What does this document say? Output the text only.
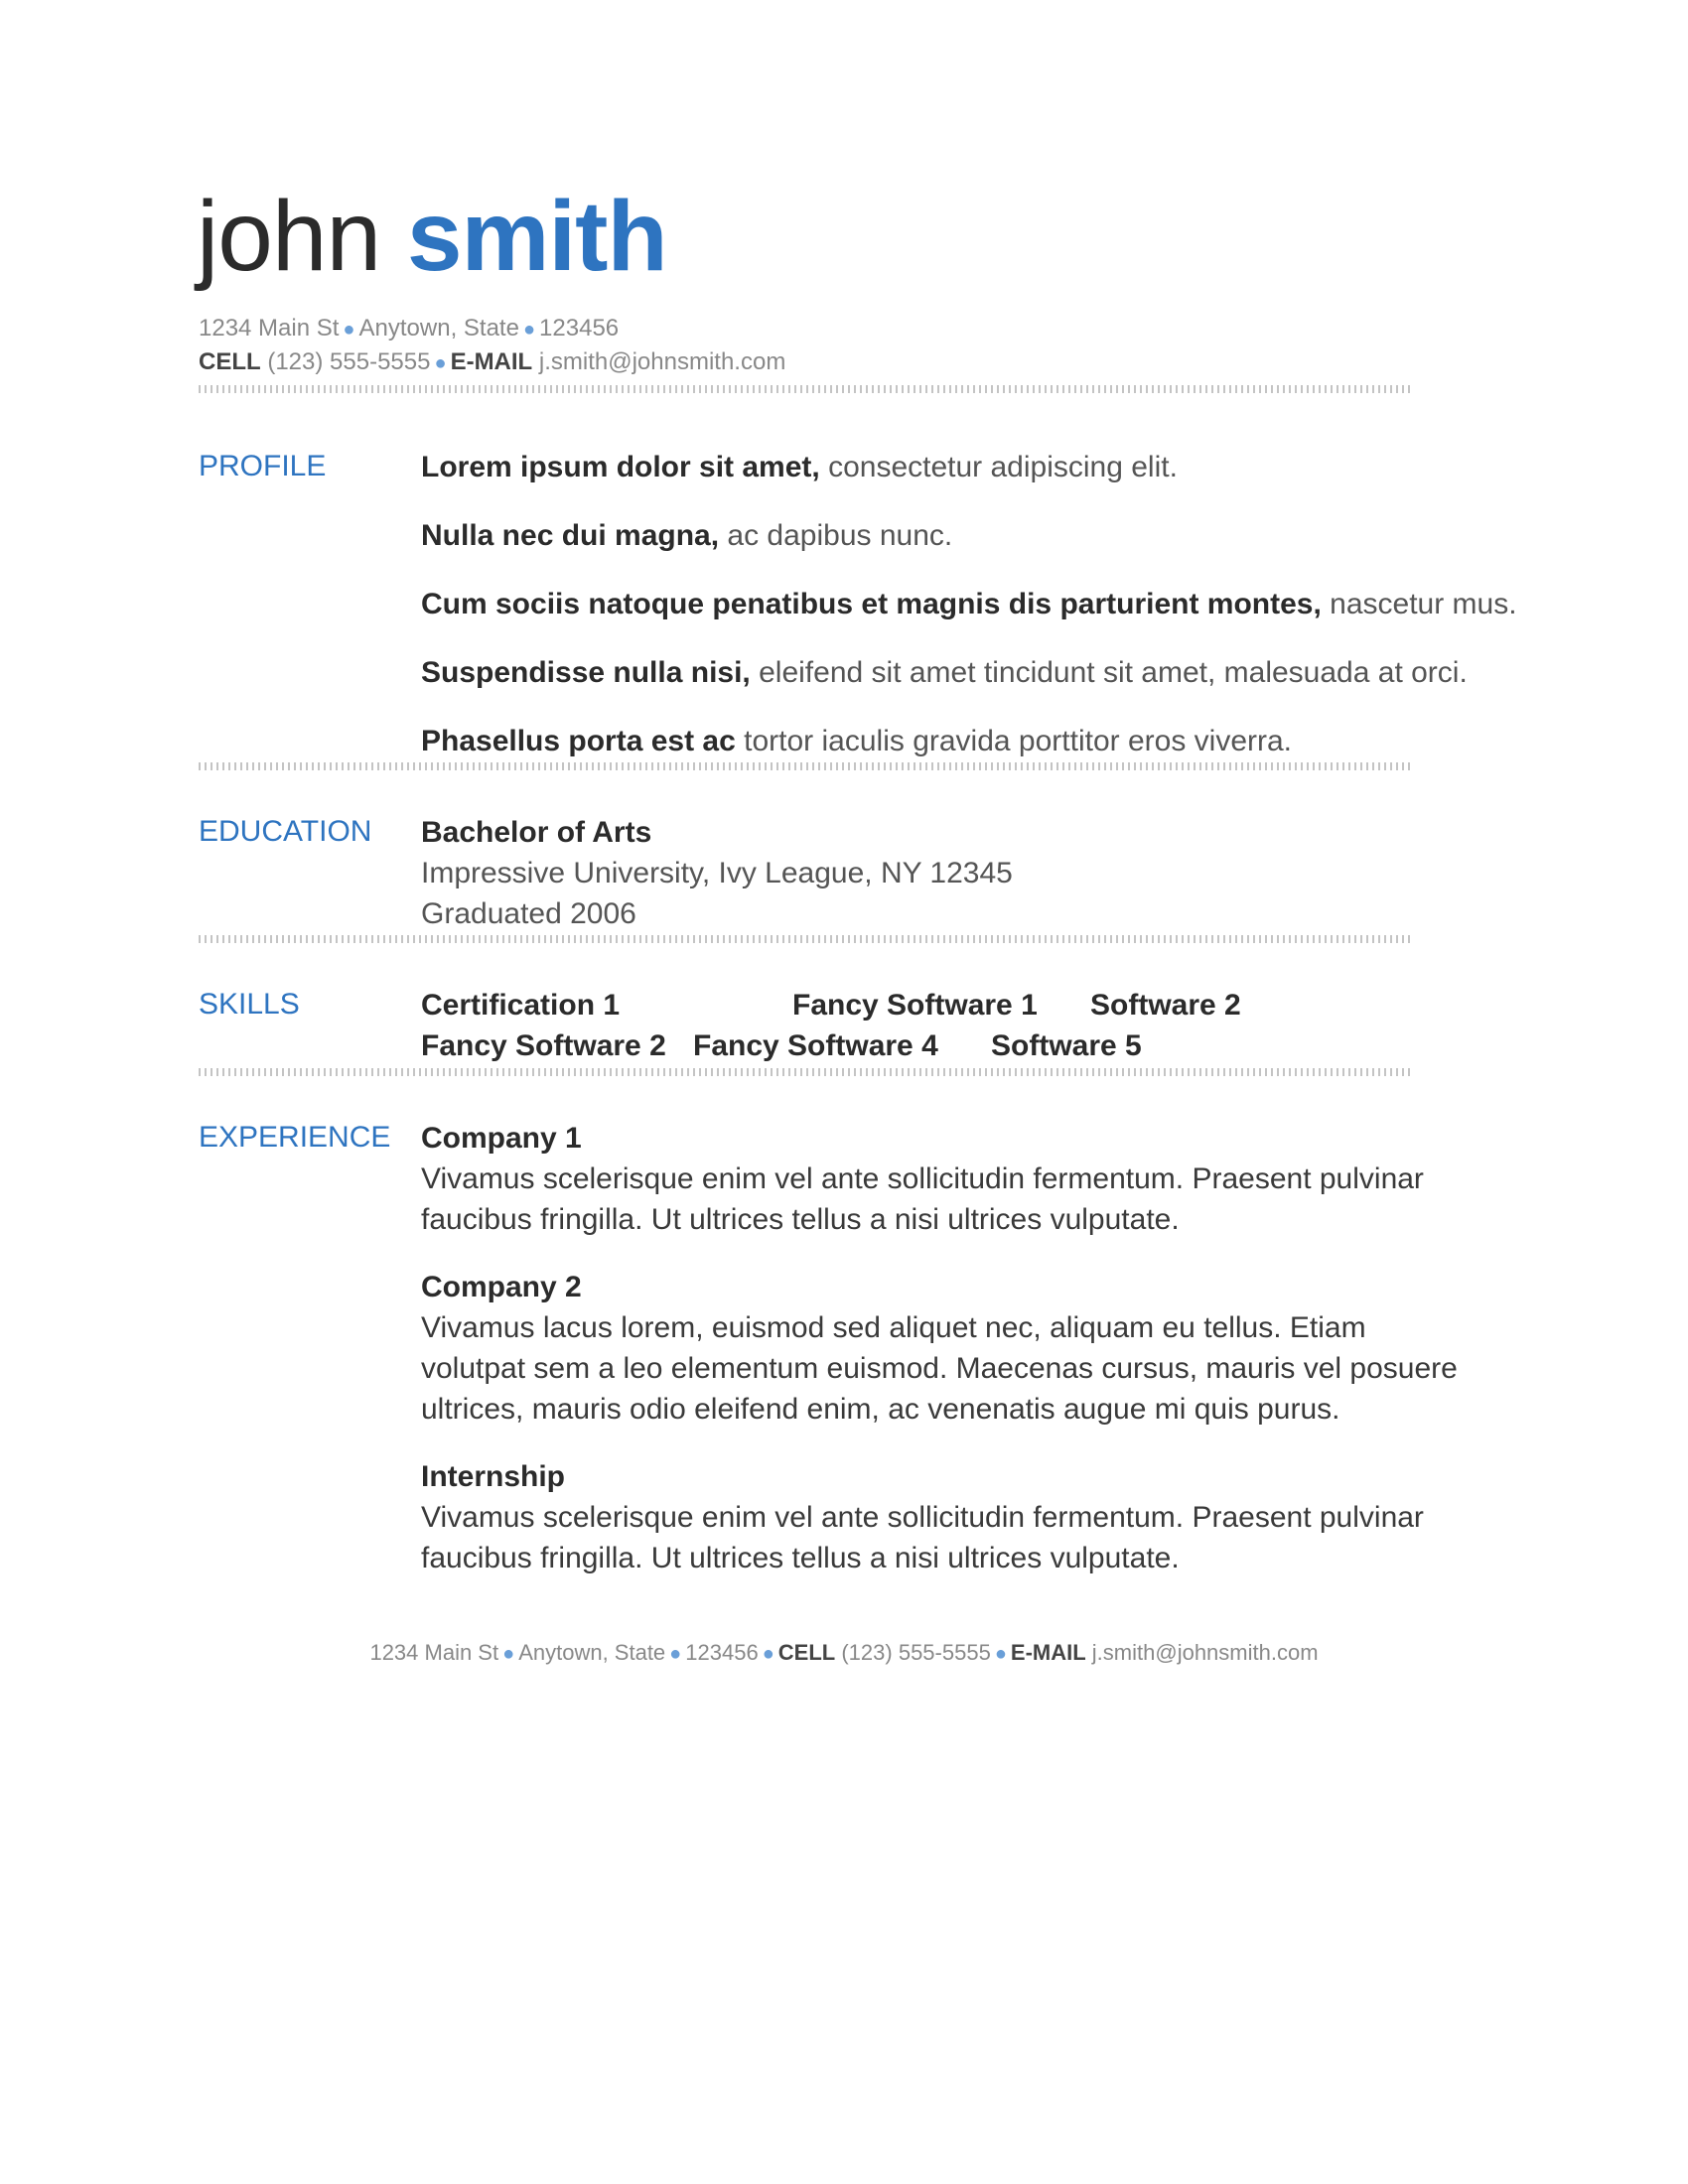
john smith
1234 Main St ● Anytown, State ● 123456
CELL (123) 555-5555 ● E-MAIL j.smith@johnsmith.com
PROFILE	Lorem ipsum dolor sit amet, consectetur adipiscing elit.
Nulla nec dui magna, ac dapibus nunc.
Cum sociis natoque penatibus et magnis dis parturient montes, nascetur mus.
Suspendisse nulla nisi, eleifend sit amet tincidunt sit amet, malesuada at orci.
Phasellus porta est ac tortor iaculis gravida porttitor eros viverra.
EDUCATION Bachelor of Arts
Impressive University, Ivy League, NY 12345
Graduated 2006
SKILLS	Certification 1	Fancy Software 1 Software 2
Fancy Software 2 Fancy Software 4 Software 5
EXPERIENCE Company 1
Vivamus scelerisque enim vel ante sollicitudin fermentum. Praesent pulvinar
faucibus fringilla. Ut ultrices tellus a nisi ultrices vulputate.
Company 2
Vivamus lacus lorem, euismod sed aliquet nec, aliquam eu tellus. Etiam
volutpat sem a leo elementum euismod. Maecenas cursus, mauris vel posuere
ultrices, mauris odio eleifend enim, ac venenatis augue mi quis purus.
Internship
Vivamus scelerisque enim vel ante sollicitudin fermentum. Praesent pulvinar
faucibus fringilla. Ut ultrices tellus a nisi ultrices vulputate.
1234 Main St ● Anytown, State ● 123456 ● CELL (123) 555-5555 ● E-MAIL j.smith@johnsmith.com
